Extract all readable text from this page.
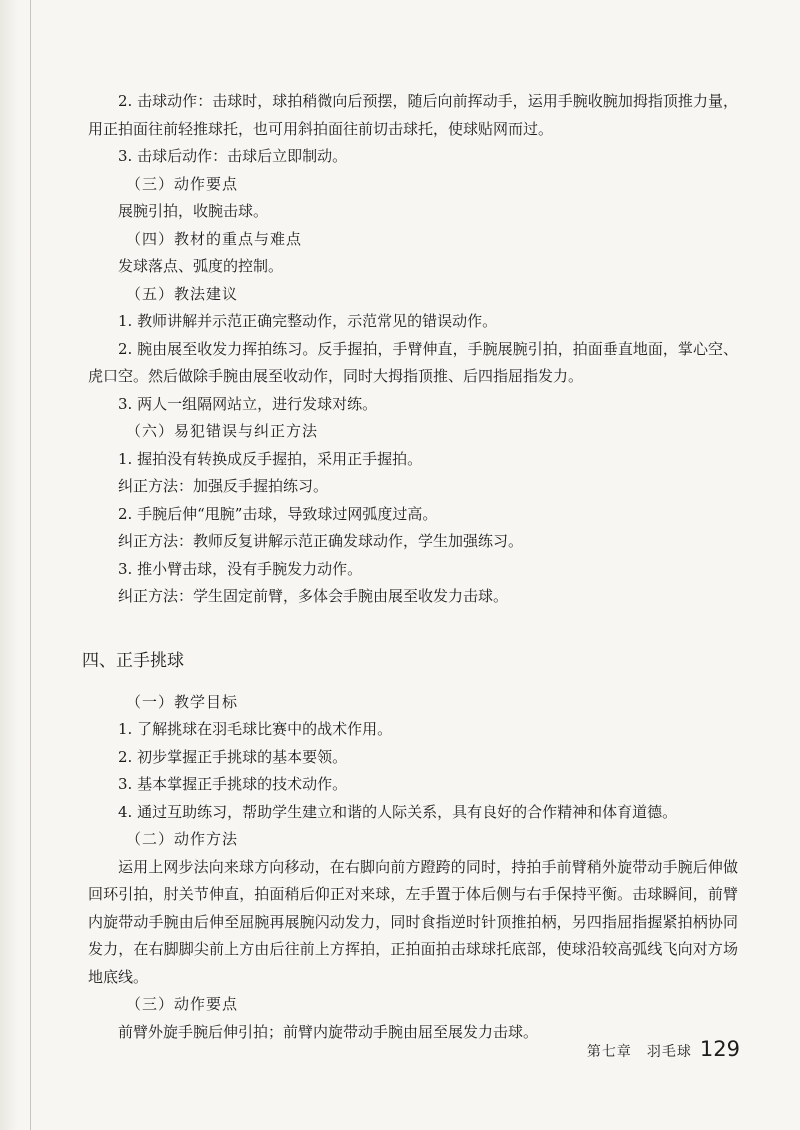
2. 击球动作：击球时，球拍稍微向后预摆，随后向前挥动手，运用手腕收腕加拇指顶推力量，用正拍面往前轻推球托，也可用斜拍面往前切击球托，使球贴网而过。

3. 击球后动作：击球后立即制动。

（三）动作要点

展腕引拍，收腕击球。

（四）教材的重点与难点

发球落点、弧度的控制。

（五）教法建议

1. 教师讲解并示范正确完整动作，示范常见的错误动作。

2. 腕由展至收发力挥拍练习。反手握拍，手臂伸直，手腕展腕引拍，拍面垂直地面，掌心空、虎口空。然后做除手腕由展至收动作，同时大拇指顶推、后四指屈指发力。

3. 两人一组隔网站立，进行发球对练。

（六）易犯错误与纠正方法

1. 握拍没有转换成反手握拍，采用正手握拍。

纠正方法：加强反手握拍练习。

2. 手腕后伸“甩腕”击球，导致球过网弧度过高。

纠正方法：教师反复讲解示范正确发球动作，学生加强练习。

3. 推小臂击球，没有手腕发力动作。

纠正方法：学生固定前臂，多体会手腕由展至收发力击球。

四、正手挑球

（一）教学目标

1. 了解挑球在羽毛球比赛中的战术作用。

2. 初步掌握正手挑球的基本要领。

3. 基本掌握正手挑球的技术动作。

4. 通过互助练习，帮助学生建立和谐的人际关系，具有良好的合作精神和体育道德。

（二）动作方法

运用上网步法向来球方向移动，在右脚向前方蹬跨的同时，持拍手前臂稍外旋带动手腕后伸做回环引拍，肘关节伸直，拍面稍后仰正对来球，左手置于体后侧与右手保持平衡。击球瞬间，前臂内旋带动手腕由后伸至屈腕再展腕闪动发力，同时食指逆时针顶推拍柄，另四指屈指握紧拍柄协同发力，在右脚脚尖前上方由后往前上方挥拍，正拍面拍击球球托底部，使球沿较高弧线飞向对方场地底线。

（三）动作要点

前臂外旋手腕后伸引拍；前臂内旋带动手腕由屈至展发力击球。

第七章　羽毛球 129
